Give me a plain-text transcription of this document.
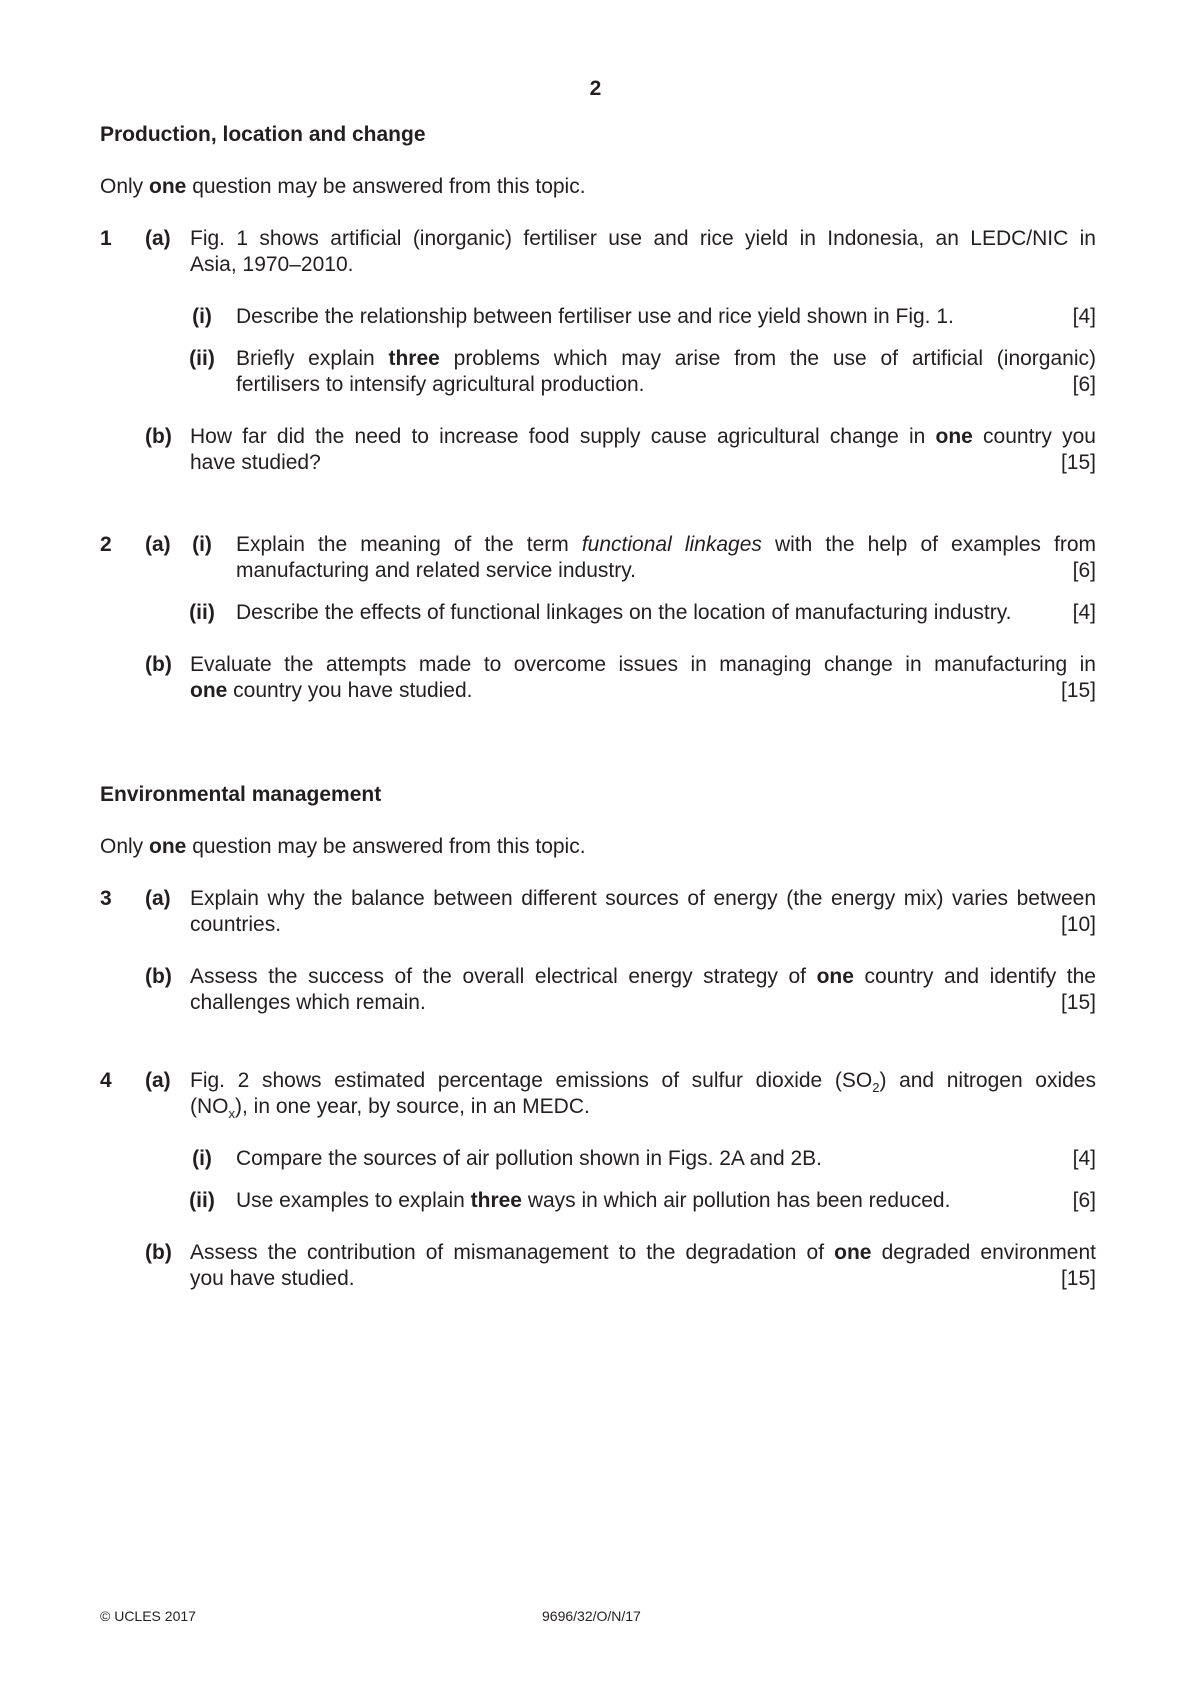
2
Production, location and change
Only one question may be answered from this topic.
1 (a) Fig. 1 shows artificial (inorganic) fertiliser use and rice yield in Indonesia, an LEDC/NIC in
Asia, 1970–2010.
(i)	Describe the relationship between fertiliser use and rice yield shown in Fig. 1.	[4]
(ii)	Briefly explain three problems which may arise from the use of artificial (inorganic)
fertilisers to intensify agricultural production.	[6]
(b) How far did the need to increase food supply cause agricultural change in one country you
have studied?	[15]
2 (a)	(i)	Explain the meaning of the term functional linkages with the help of examples from
manufacturing and related service industry.	[6]
(ii)	Describe the effects of functional linkages on the location of manufacturing industry.	[4]
(b) Evaluate the attempts made to overcome issues in managing change in manufacturing in
one country you have studied.	[15]
Environmental management
Only one question may be answered from this topic.
3 (a) Explain why the balance between different sources of energy (the energy mix) varies between
countries.	[10]
(b) Assess the success of the overall electrical energy strategy of one country and identify the
challenges which remain.	[15]
4 (a) Fig. 2 shows estimated percentage emissions of sulfur dioxide $(SO_2)$ and nitrogen oxides
$(NO_x)$, in one year, by source, in an MEDC.
(i)	Compare the sources of air pollution shown in Figs. 2A and 2B.	[4]
(ii)	Use examples to explain three ways in which air pollution has been reduced.	[6]
(b) Assess the contribution of mismanagement to the degradation of one degraded environment
you have studied.	[15]
© UCLES 2017	9696/32/O/N/17
